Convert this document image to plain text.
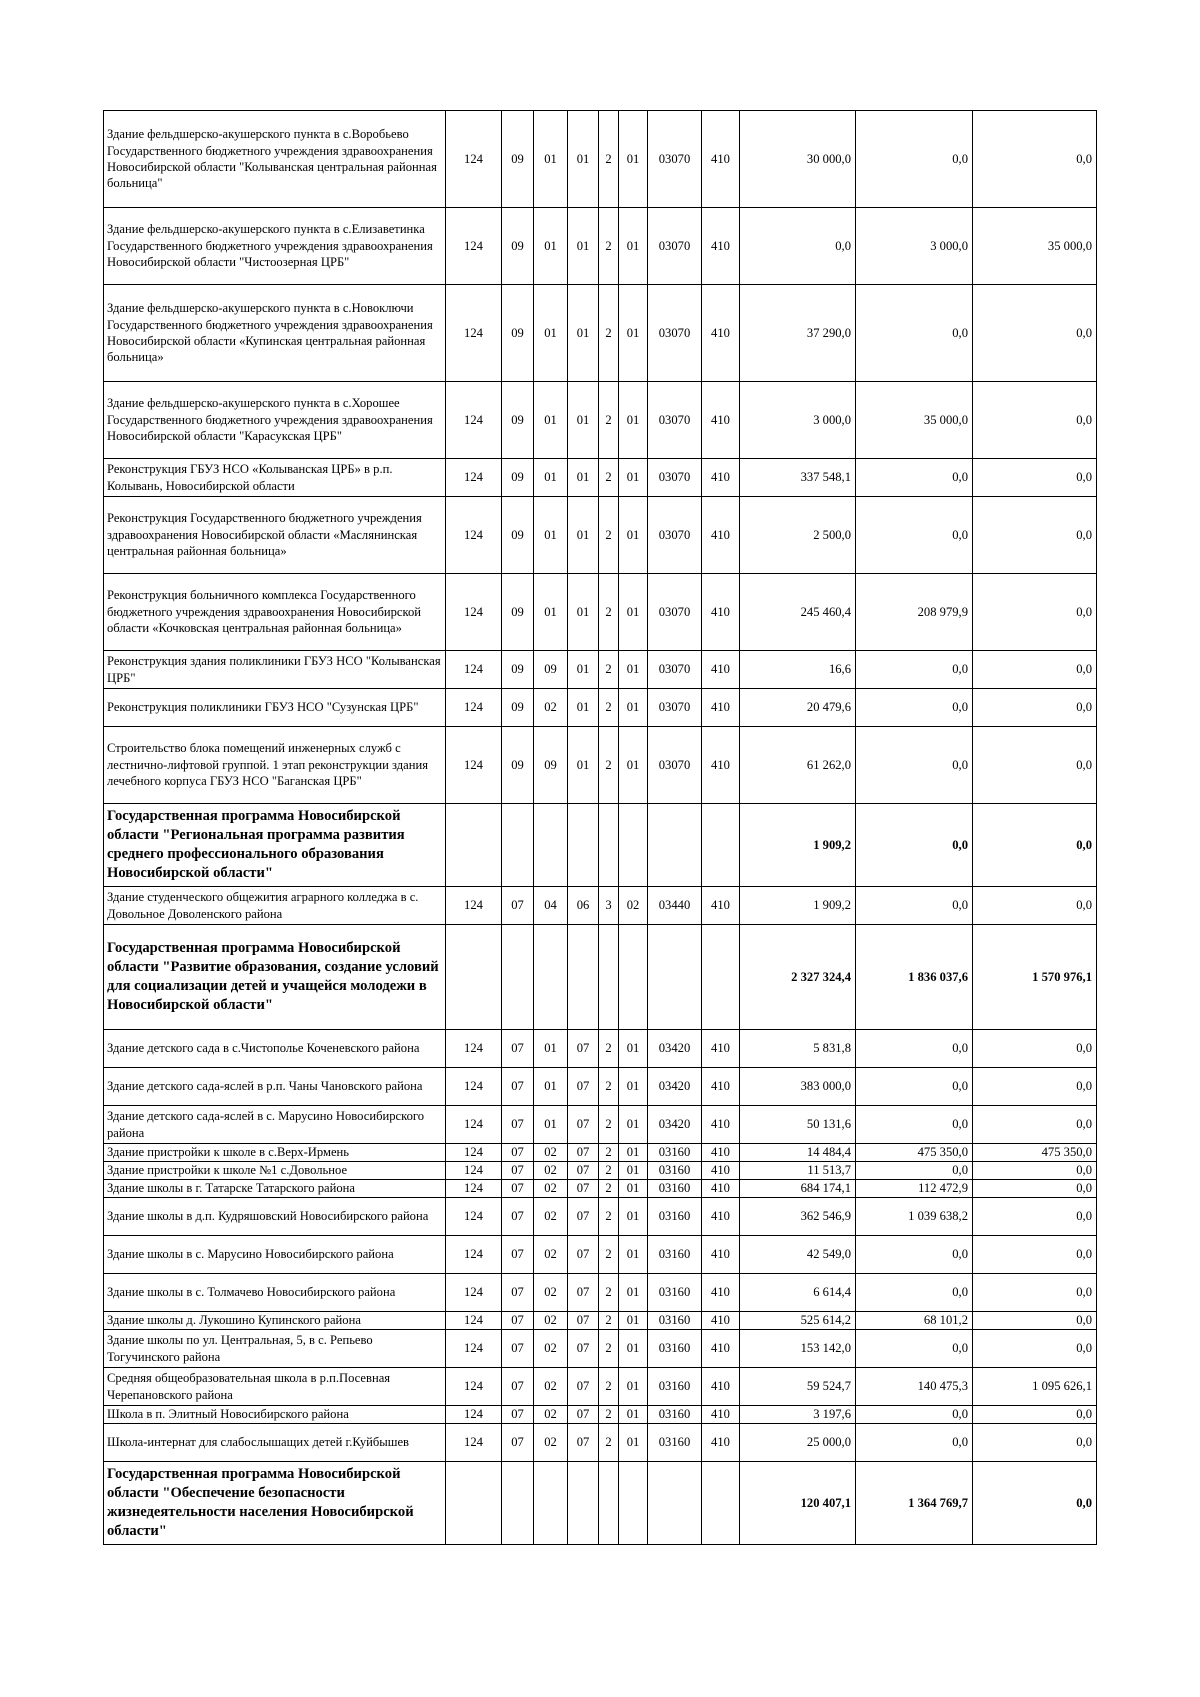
Здание фельдшерско-акушерского пункта в с.Воробьево Государственного бюджетного учреждения здравоохранения Новосибирской области "Колыванская центральная районная больница"	124	09	01	01	2	01	03070	410	30 000,0	0,0	0,0
Здание фельдшерско-акушерского пункта в с.Елизаветинка Государственного бюджетного учреждения здравоохранения Новосибирской области "Чистоозерная ЦРБ"	124	09	01	01	2	01	03070	410	0,0	3 000,0	35 000,0
Здание фельдшерско-акушерского пункта в с.Новоключи Государственного бюджетного учреждения здравоохранения Новосибирской области «Купинская центральная районная больница»	124	09	01	01	2	01	03070	410	37 290,0	0,0	0,0
Здание фельдшерско-акушерского пункта в с.Хорошее Государственного бюджетного учреждения здравоохранения Новосибирской области "Карасукская ЦРБ"	124	09	01	01	2	01	03070	410	3 000,0	35 000,0	0,0
Реконструкция ГБУЗ НСО «Колыванская ЦРБ» в р.п. Колывань, Новосибирской области	124	09	01	01	2	01	03070	410	337 548,1	0,0	0,0
Реконструкция Государственного бюджетного учреждения здравоохранения Новосибирской области «Маслянинская центральная районная больница»	124	09	01	01	2	01	03070	410	2 500,0	0,0	0,0
Реконструкция больничного комплекса Государственного бюджетного учреждения здравоохранения Новосибирской области «Кочковская центральная районная больница»	124	09	01	01	2	01	03070	410	245 460,4	208 979,9	0,0
Реконструкция здания поликлиники ГБУЗ НСО "Колыванская ЦРБ"	124	09	09	01	2	01	03070	410	16,6	0,0	0,0
Реконструкция поликлиники ГБУЗ НСО "Сузунская ЦРБ"	124	09	02	01	2	01	03070	410	20 479,6	0,0	0,0
Строительство блока помещений инженерных служб с лестнично-лифтовой группой. 1 этап реконструкции здания лечебного корпуса ГБУЗ НСО "Баганская ЦРБ"	124	09	09	01	2	01	03070	410	61 262,0	0,0	0,0
Государственная программа Новосибирской области "Региональная программа развития среднего профессионального образования Новосибирской области"									1 909,2	0,0	0,0
Здание студенческого общежития аграрного колледжа в с. Довольное Доволенского района	124	07	04	06	3	02	03440	410	1 909,2	0,0	0,0
Государственная программа Новосибирской области "Развитие образования, создание условий для социализации детей и учащейся молодежи в Новосибирской области"									2 327 324,4	1 836 037,6	1 570 976,1
Здание детского сада в с.Чистополье Коченевского района	124	07	01	07	2	01	03420	410	5 831,8	0,0	0,0
Здание детского сада-яслей в р.п. Чаны Чановского района	124	07	01	07	2	01	03420	410	383 000,0	0,0	0,0
Здание детского сада-яслей в с. Марусино Новосибирского района	124	07	01	07	2	01	03420	410	50 131,6	0,0	0,0
Здание пристройки к школе в с.Верх-Ирмень	124	07	02	07	2	01	03160	410	14 484,4	475 350,0	475 350,0
Здание пристройки к школе №1 с.Довольное	124	07	02	07	2	01	03160	410	11 513,7	0,0	0,0
Здание школы в г. Татарске Татарского района	124	07	02	07	2	01	03160	410	684 174,1	112 472,9	0,0
Здание школы в д.п. Кудряшовский Новосибирского района	124	07	02	07	2	01	03160	410	362 546,9	1 039 638,2	0,0
Здание школы в с. Марусино Новосибирского района	124	07	02	07	2	01	03160	410	42 549,0	0,0	0,0
Здание школы в с. Толмачево Новосибирского района	124	07	02	07	2	01	03160	410	6 614,4	0,0	0,0
Здание школы д. Лукошино Купинского района	124	07	02	07	2	01	03160	410	525 614,2	68 101,2	0,0
Здание школы по ул. Центральная, 5, в с. Репьево Тогучинского района	124	07	02	07	2	01	03160	410	153 142,0	0,0	0,0
Средняя общеобразовательная школа в р.п.Посевная Черепановского района	124	07	02	07	2	01	03160	410	59 524,7	140 475,3	1 095 626,1
Школа в п. Элитный Новосибирского района	124	07	02	07	2	01	03160	410	3 197,6	0,0	0,0
Школа-интернат для слабослышащих детей г.Куйбышев	124	07	02	07	2	01	03160	410	25 000,0	0,0	0,0
Государственная программа Новосибирской области "Обеспечение безопасности жизнедеятельности населения Новосибирской области"									120 407,1	1 364 769,7	0,0
